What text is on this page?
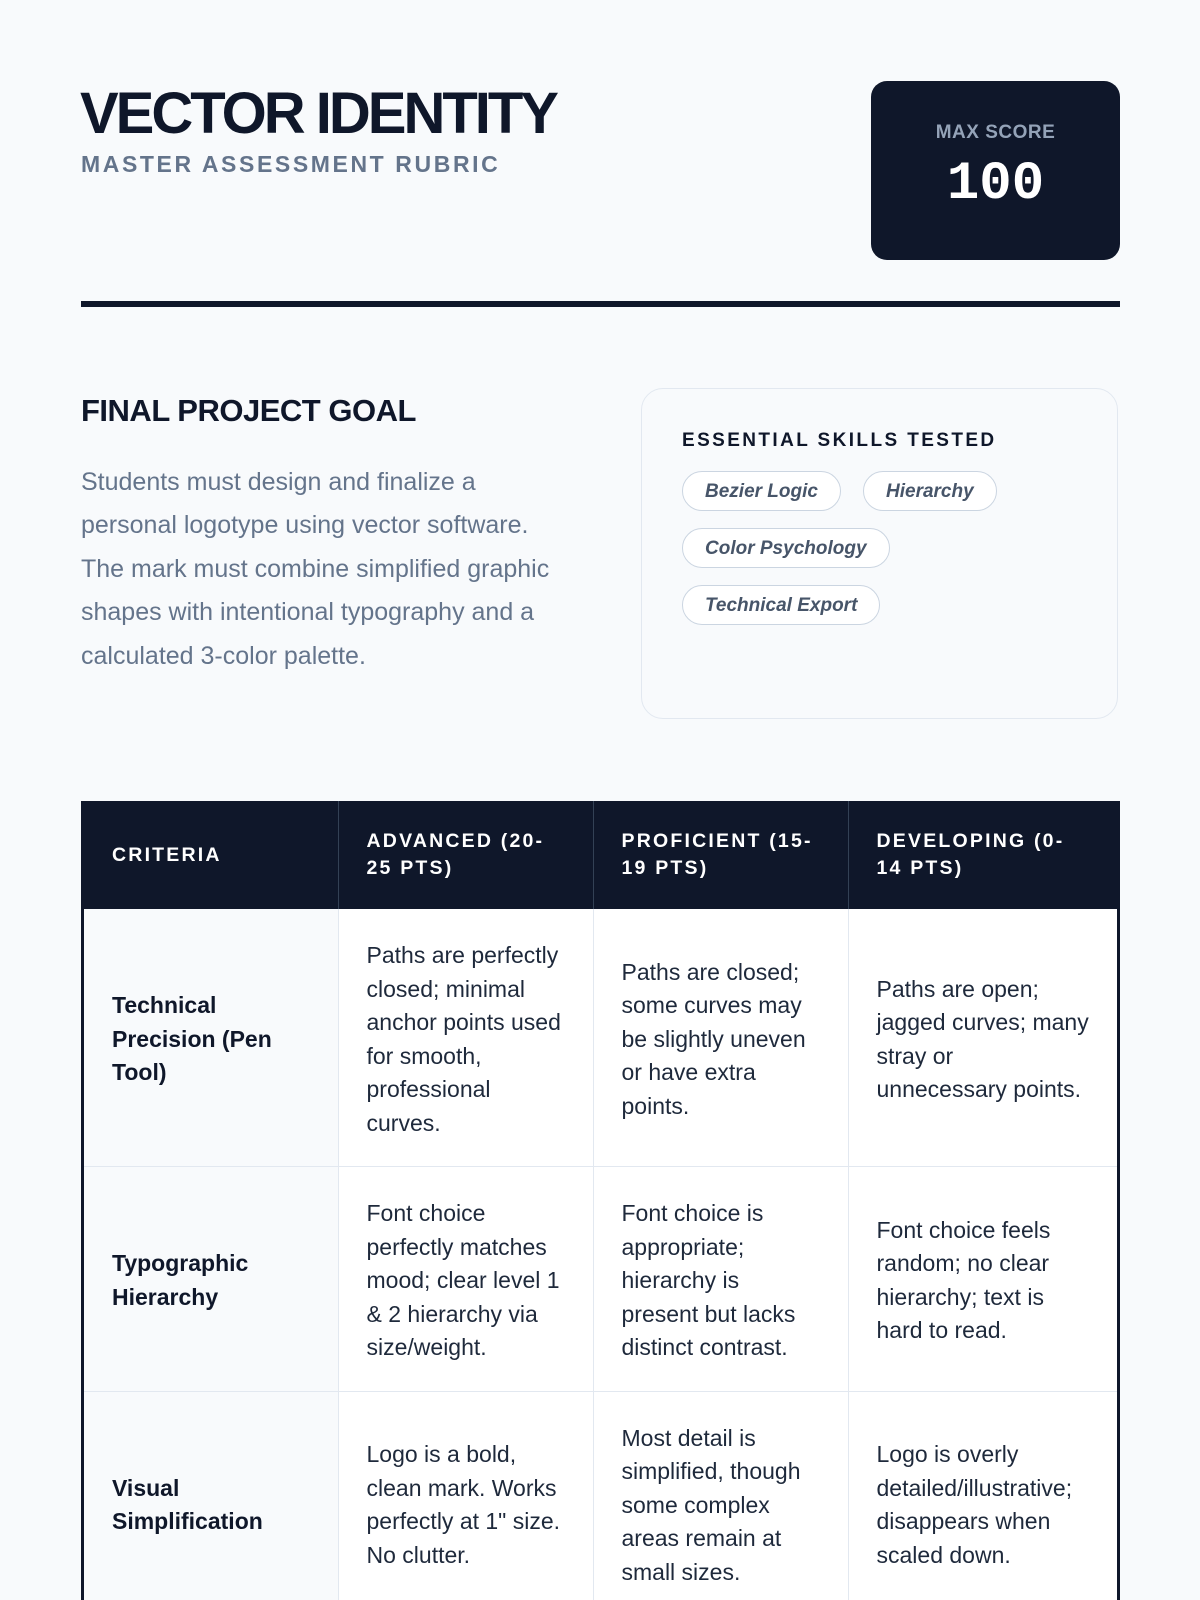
VECTOR IDENTITY
MASTER ASSESSMENT RUBRIC
MAX SCORE
100
FINAL PROJECT GOAL

Students must design and finalize a personal logotype using vector software. The mark must combine simplified graphic shapes with intentional typography and a calculated 3-color palette.

ESSENTIAL SKILLS TESTED
Bezier Logic	Hierarchy
Color Psychology
Technical Export
CRITERIA	ADVANCED (20-25 PTS)	PROFICIENT (15-19 PTS)	DEVELOPING (0-14 PTS)
Technical Precision (Pen Tool)	Paths are perfectly closed; minimal anchor points used for smooth, professional curves.	Paths are closed; some curves may be slightly uneven or have extra points.	Paths are open; jagged curves; many stray or unnecessary points.
Typographic Hierarchy	Font choice perfectly matches mood; clear level 1 & 2 hierarchy via size/weight.	Font choice is appropriate; hierarchy is present but lacks distinct contrast.	Font choice feels random; no clear hierarchy; text is hard to read.
Visual Simplification	Logo is a bold, clean mark. Works perfectly at 1" size. No clutter.	Most detail is simplified, though some complex areas remain at small sizes.	Logo is overly detailed/illustrative; disappears when scaled down.
